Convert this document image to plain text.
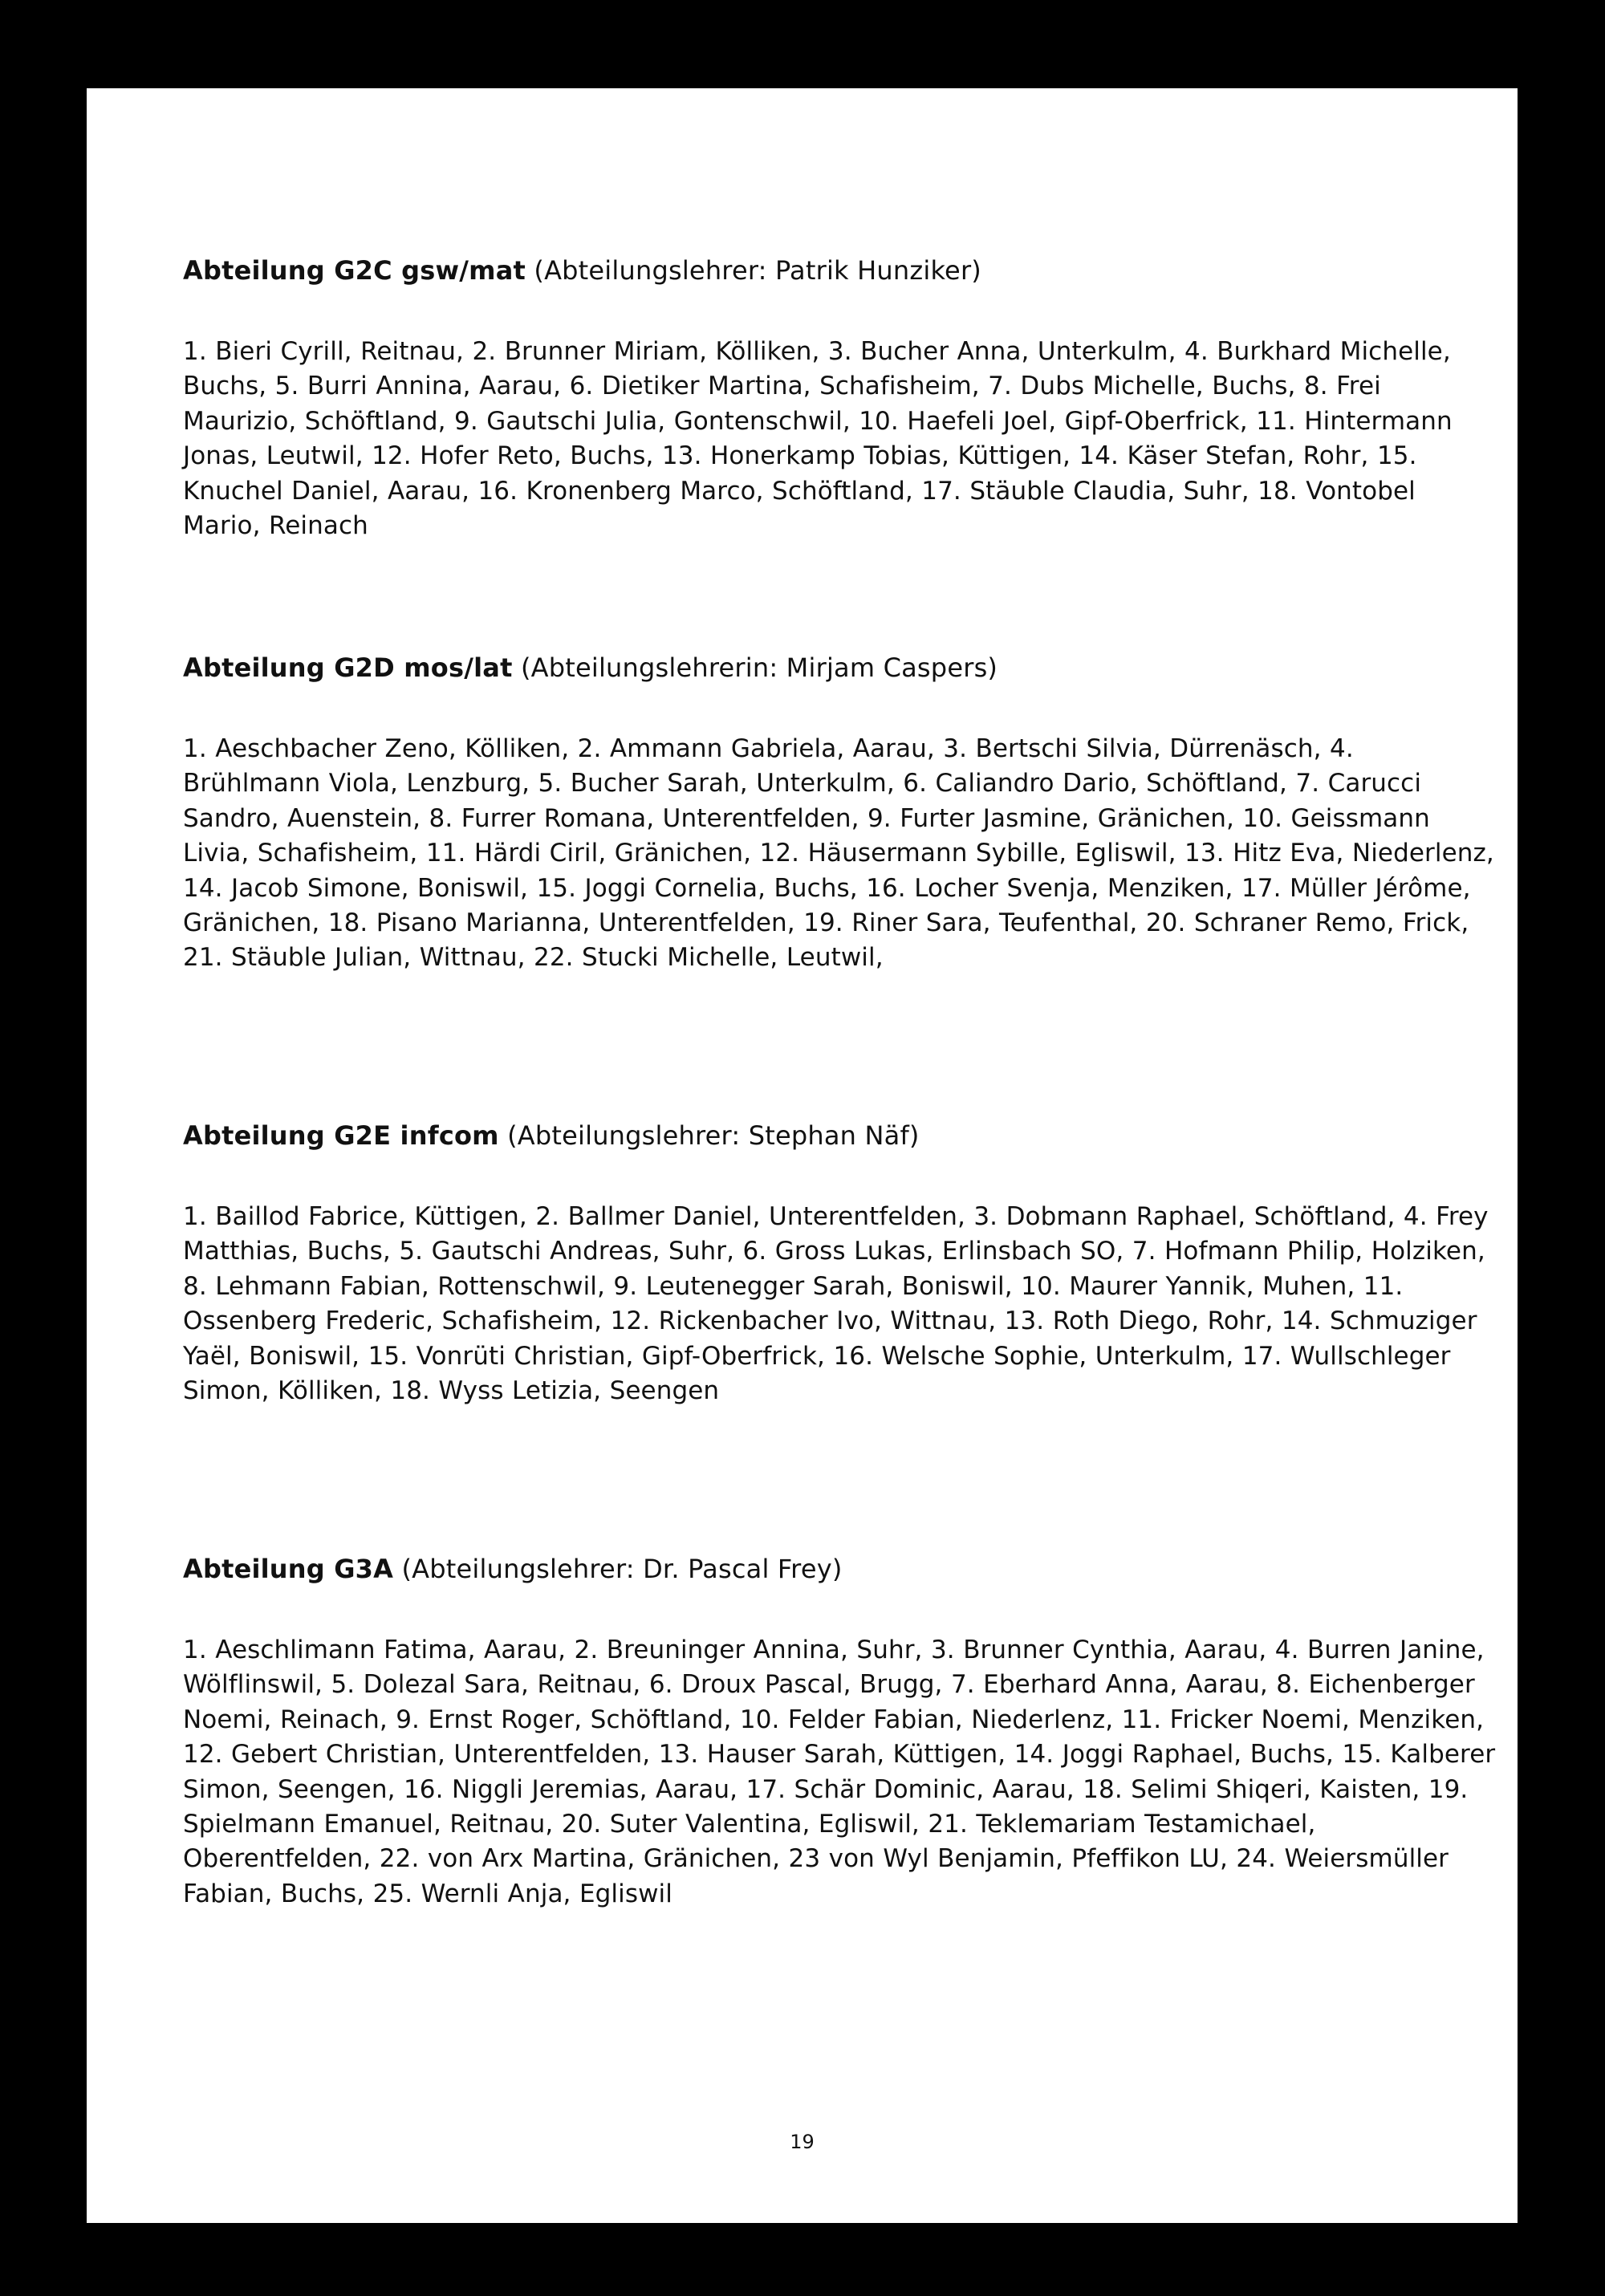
Abteilung G2C gsw/mat (Abteilungslehrer: Patrik Hunziker)

1. Bieri Cyrill, Reitnau, 2. Brunner Miriam, Kölliken, 3. Bucher Anna, Unterkulm, 4. Burkhard Michelle, Buchs, 5. Burri Annina, Aarau, 6. Dietiker Martina, Schafisheim, 7. Dubs Michelle, Buchs, 8. Frei Maurizio, Schöftland, 9. Gautschi Julia, Gontenschwil, 10. Haefeli Joel, Gipf-Oberfrick, 11. Hintermann Jonas, Leutwil, 12. Hofer Reto, Buchs, 13. Honerkamp Tobias, Küttigen, 14. Käser Stefan, Rohr, 15. Knuchel Daniel, Aarau, 16. Kronenberg Marco, Schöftland, 17. Stäuble Claudia, Suhr, 18. Vontobel Mario, Reinach

Abteilung G2D mos/lat (Abteilungslehrerin: Mirjam Caspers)

1. Aeschbacher Zeno, Kölliken, 2. Ammann Gabriela, Aarau, 3. Bertschi Silvia, Dürrenäsch, 4. Brühlmann Viola, Lenzburg, 5. Bucher Sarah, Unterkulm, 6. Caliandro Dario, Schöftland, 7. Carucci Sandro, Auenstein, 8. Furrer Romana, Unterentfelden, 9. Furter Jasmine, Gränichen, 10. Geissmann Livia, Schafisheim, 11. Härdi Ciril, Gränichen, 12. Häusermann Sybille, Egliswil, 13. Hitz Eva, Niederlenz, 14. Jacob Simone, Boniswil, 15. Joggi Cornelia, Buchs, 16. Locher Svenja, Menziken, 17. Müller Jérôme, Gränichen, 18. Pisano Marianna, Unterentfelden, 19. Riner Sara, Teufenthal, 20. Schraner Remo, Frick, 21. Stäuble Julian, Wittnau, 22. Stucki Michelle, Leutwil,

Abteilung G2E infcom (Abteilungslehrer: Stephan Näf)

1. Baillod Fabrice, Küttigen, 2. Ballmer Daniel, Unterentfelden, 3. Dobmann Raphael, Schöftland, 4. Frey Matthias, Buchs, 5. Gautschi Andreas, Suhr, 6. Gross Lukas, Erlinsbach SO, 7. Hofmann Philip, Holziken, 8. Lehmann Fabian, Rottenschwil, 9. Leutenegger Sarah, Boniswil, 10. Maurer Yannik, Muhen, 11. Ossenberg Frederic, Schafisheim, 12. Rickenbacher Ivo, Wittnau, 13. Roth Diego, Rohr, 14. Schmuziger Yaël, Boniswil, 15. Vonrüti Christian, Gipf-Oberfrick, 16. Welsche Sophie, Unterkulm, 17. Wullschleger Simon, Kölliken, 18. Wyss Letizia, Seengen

Abteilung G3A (Abteilungslehrer: Dr. Pascal Frey)

1. Aeschlimann Fatima, Aarau, 2. Breuninger Annina, Suhr, 3. Brunner Cynthia, Aarau, 4. Burren Janine, Wölflinswil, 5. Dolezal Sara, Reitnau, 6. Droux Pascal, Brugg, 7. Eberhard Anna, Aarau, 8. Eichenberger Noemi, Reinach, 9. Ernst Roger, Schöftland, 10. Felder Fabian, Niederlenz, 11. Fricker Noemi, Menziken, 12. Gebert Christian, Unterentfelden, 13. Hauser Sarah, Küttigen, 14. Joggi Raphael, Buchs, 15. Kalberer Simon, Seengen, 16. Niggli Jeremias, Aarau, 17. Schär Dominic, Aarau, 18. Selimi Shiqeri, Kaisten, 19. Spielmann Emanuel, Reitnau, 20. Suter Valentina, Egliswil, 21. Teklemariam Testamichael, Oberentfelden, 22. von Arx Martina, Gränichen, 23 von Wyl Benjamin, Pfeffikon LU, 24. Weiersmüller Fabian, Buchs, 25. Wernli Anja, Egliswil

19
